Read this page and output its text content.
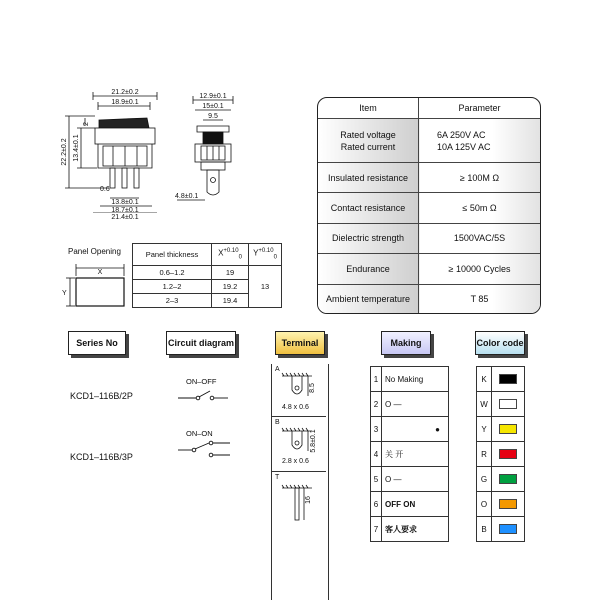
21.2±0.2
18.9±0.1
2
22.2±0.2 13.4±0.1
0.6
13.8±0.1
18.7±0.1
21.4±0.1
12.9±0.1
15±0.1
9.5
4.8±0.1
Item	Parameter
Rated voltage
Rated current	6A 250V AC
10A 125V AC
Insulated resistance	≥ 100M Ω
Contact resistance	≤ 50m Ω
Dielectric strength	1500VAC/5S
Endurance	≥ 10000 Cycles
Ambient temperature	T 85
Panel Opening
X
Y
Panel thickness	$X^{+0.10}_0$	$Y^{+0.10}_0$
0.6–1.2	19	13
1.2–2	19.2	
2–3	19.4	
Series No	Circuit diagram	Terminal	Making	Color code
KCD1–116B/2P
ON–OFF
KCD1–116B/3P
ON–ON
A
8.5
4.8 x 0.6
B
5.8±0.1
2.8 x 0.6
T
16
1	No Making
2	O —
3	●
4	关 开
5	O —
6	OFF ON
7	客人要求
K	
W	
Y	
R	
G	
O	
B	
